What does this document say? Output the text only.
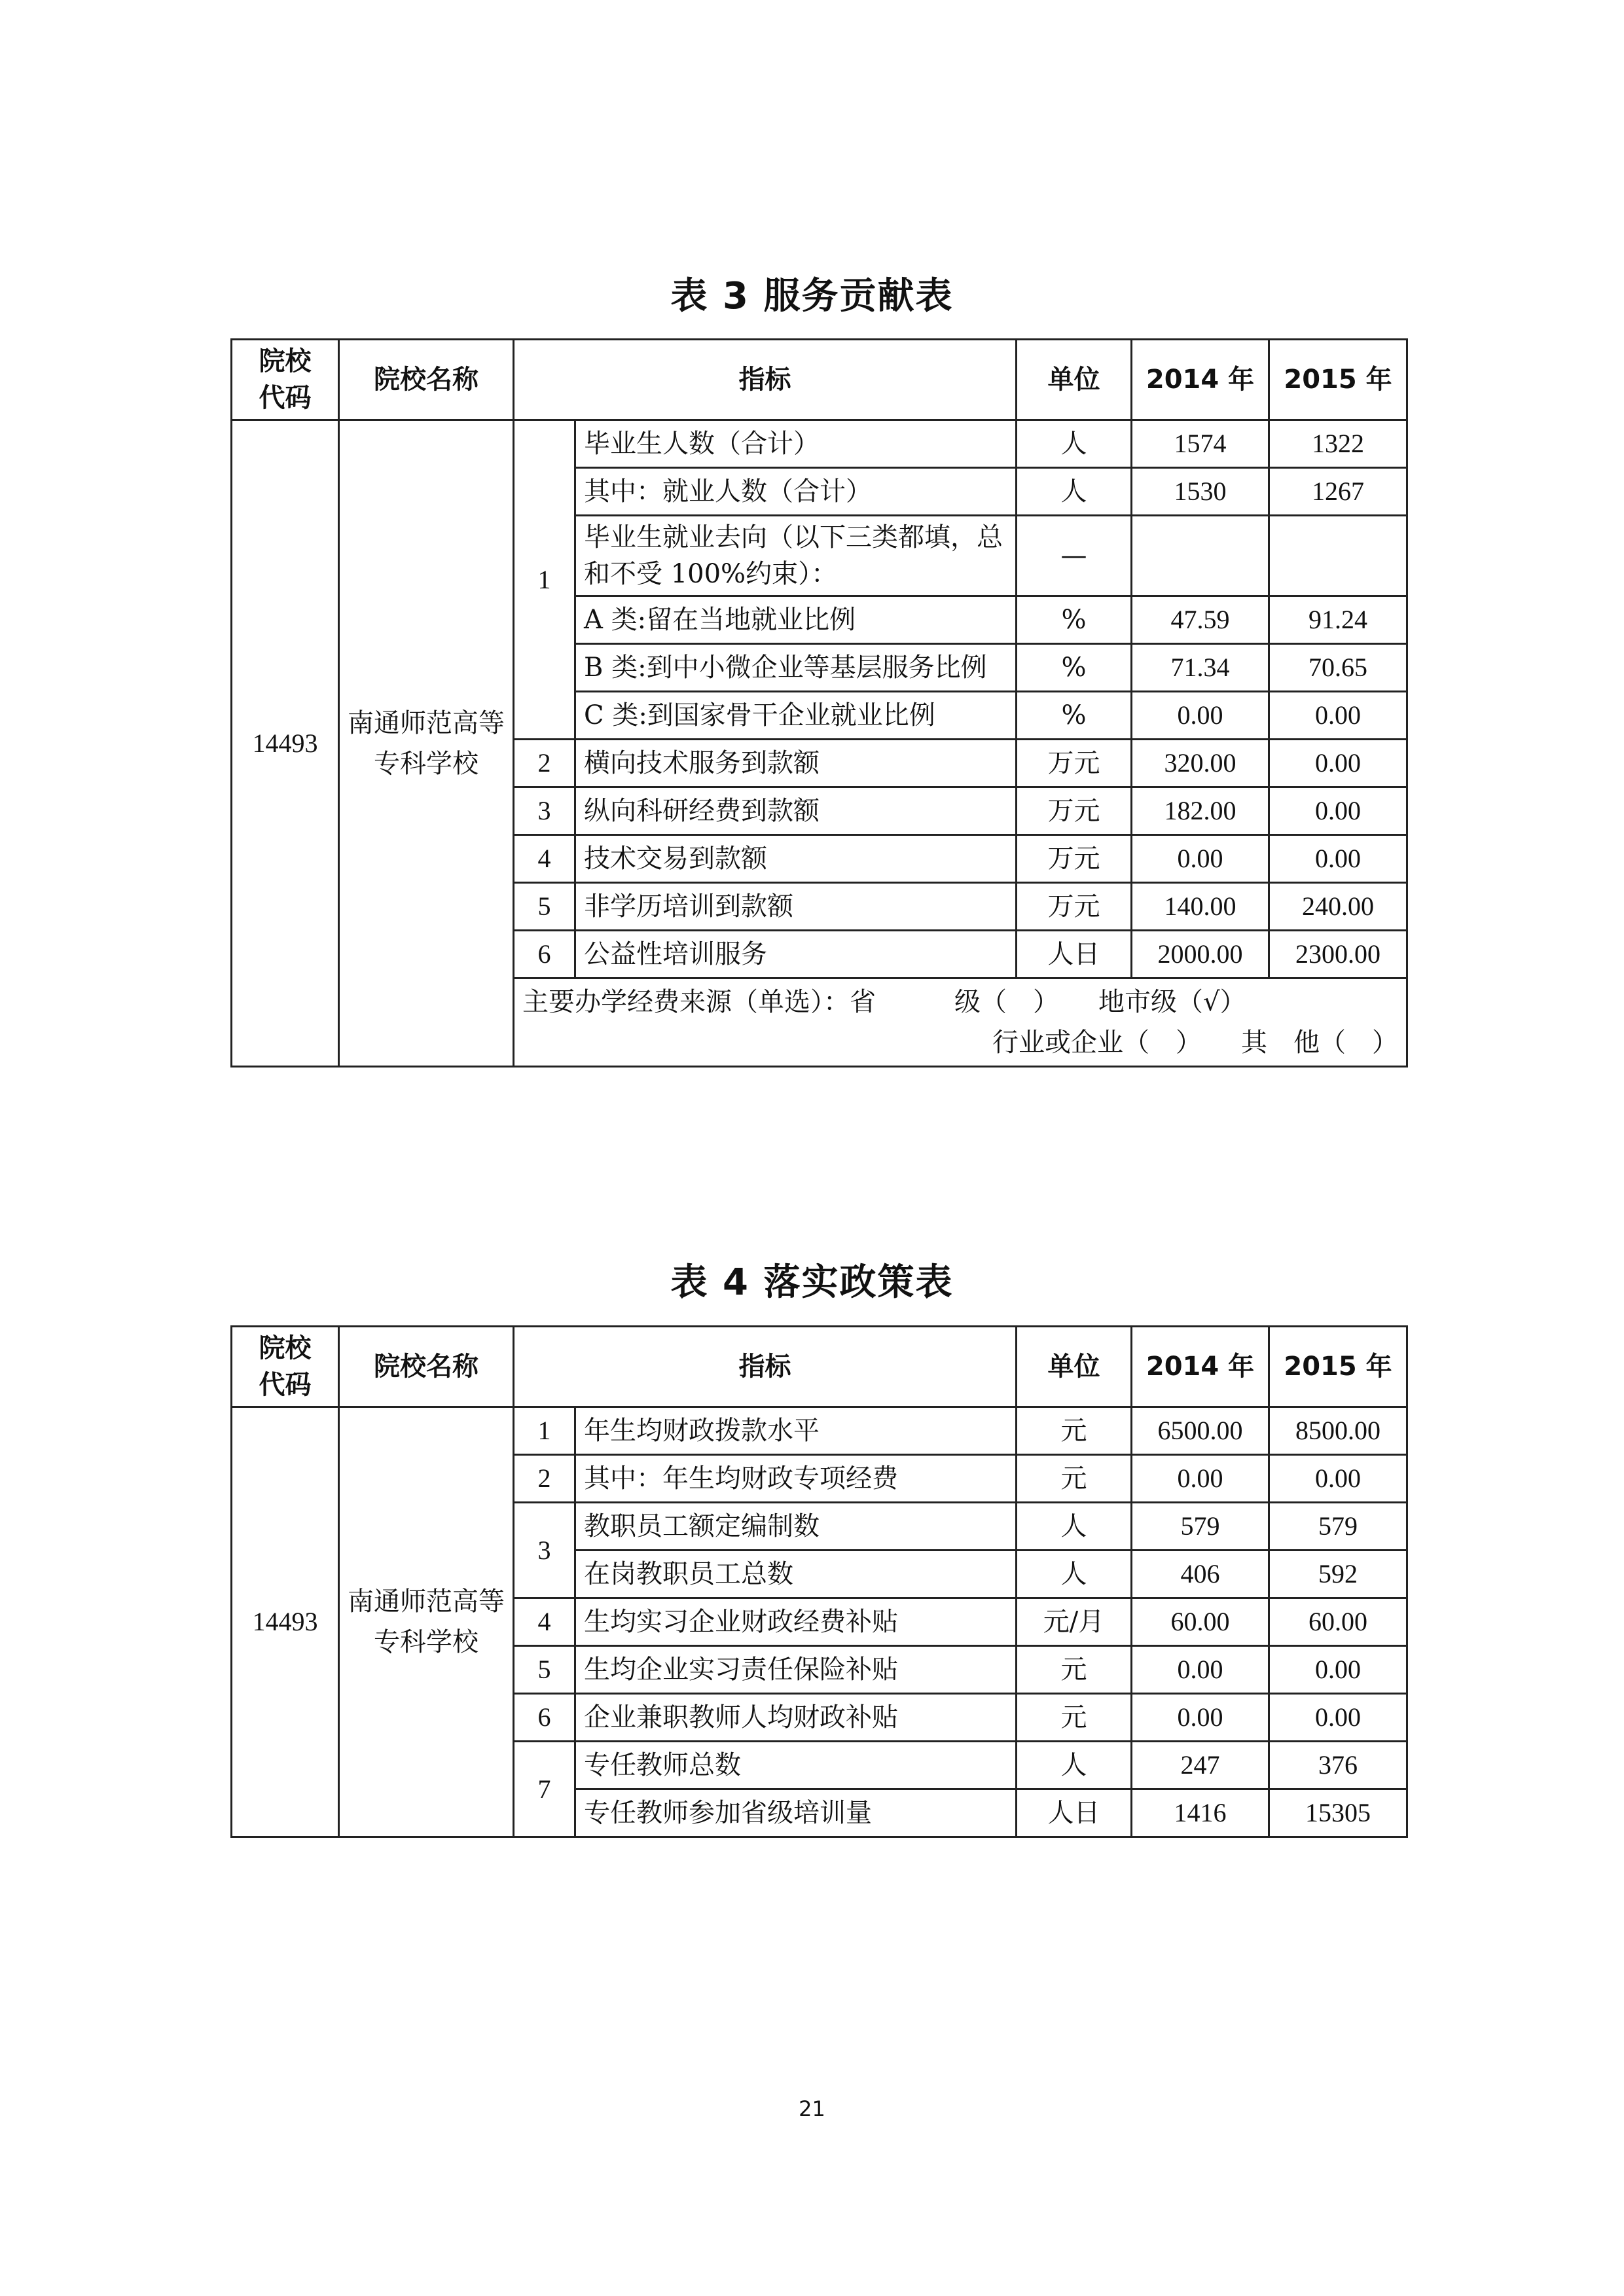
表 3 服务贡献表
院校
代码	院校名称	指标		单位	2014 年	2015 年
14493	南通师范高等专科学校	1	毕业生人数（合计）	人	1574	1322
			其中：就业人数（合计）	人	1530	1267
			毕业生就业去向（以下三类都填，总和不受 100%约束）：	—		
			A 类:留在当地就业比例	%	47.59	91.24
			B 类:到中小微企业等基层服务比例	%	71.34	70.65
			C 类:到国家骨干企业就业比例	%	0.00	0.00
		2	横向技术服务到款额	万元	320.00	0.00
		3	纵向科研经费到款额	万元	182.00	0.00
		4	技术交易到款额	万元	0.00	0.00
		5	非学历培训到款额	万元	140.00	240.00
		6	公益性培训服务	人日	2000.00	2300.00

		主要办学经费来源（单选）：省　　　级（　）　　地市级（√）
行业或企业（　）　　其　他（　）				
表 4 落实政策表
院校
代码	院校名称	指标		单位	2014 年	2015 年
14493	南通师范高等专科学校	1	年生均财政拨款水平	元	6500.00	8500.00
		2	其中：年生均财政专项经费	元	0.00	0.00
		3	教职员工额定编制数	人	579	579
			在岗教职员工总数	人	406	592
		4	生均实习企业财政经费补贴	元/月	60.00	60.00
		5	生均企业实习责任保险补贴	元	0.00	0.00
		6	企业兼职教师人均财政补贴	元	0.00	0.00
		7	专任教师总数	人	247	376
			专任教师参加省级培训量	人日	1416	15305
21
